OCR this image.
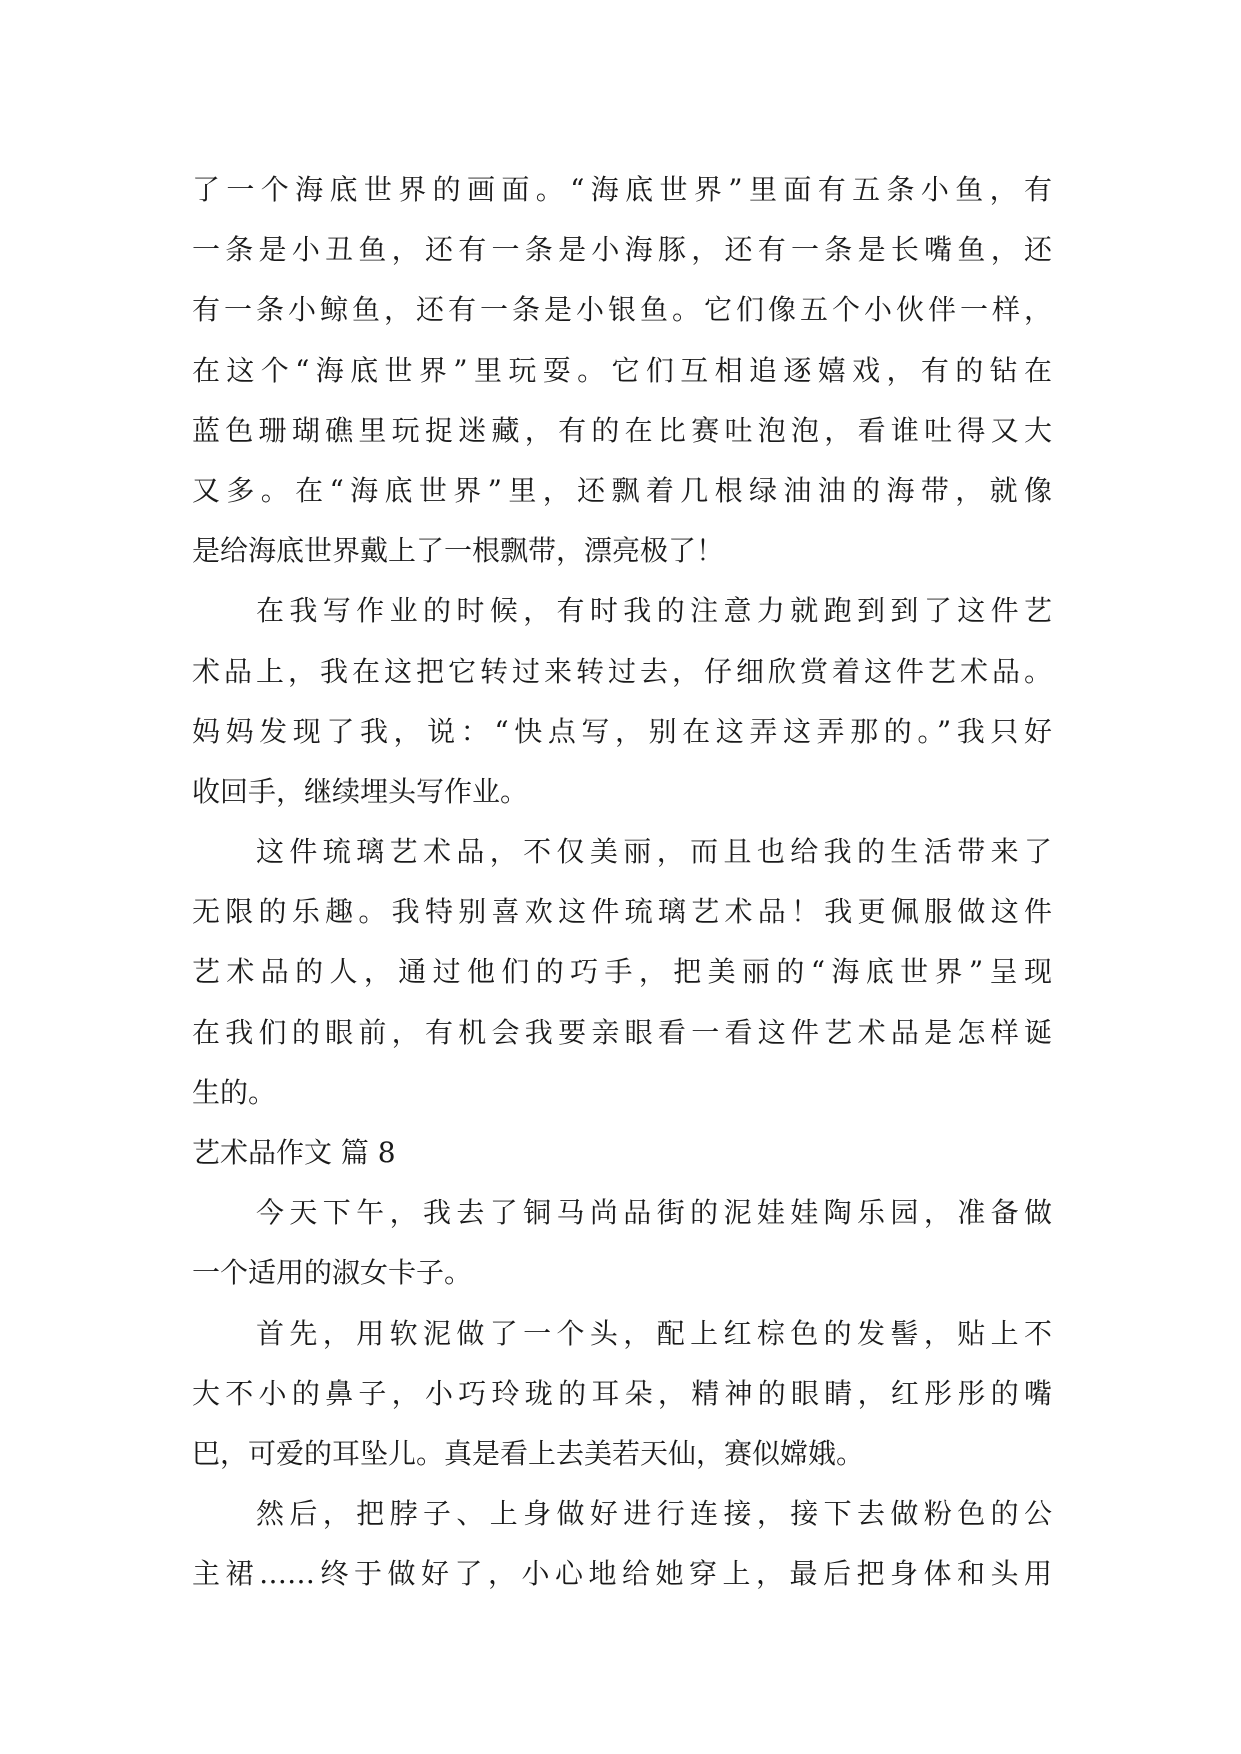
了一个海底世界的画面。“海底世界”里面有五条小鱼，有
一条是小丑鱼，还有一条是小海豚，还有一条是长嘴鱼，还
有一条小鲸鱼，还有一条是小银鱼。它们像五个小伙伴一样，
在这个“海底世界”里玩耍。它们互相追逐嬉戏，有的钻在
蓝色珊瑚礁里玩捉迷藏，有的在比赛吐泡泡，看谁吐得又大
又多。在“海底世界”里，还飘着几根绿油油的海带，就像
是给海底世界戴上了一根飘带，漂亮极了！
在我写作业的时候，有时我的注意力就跑到到了这件艺
术品上，我在这把它转过来转过去，仔细欣赏着这件艺术品。
妈妈发现了我，说：“快点写，别在这弄这弄那的。”我只好
收回手，继续埋头写作业。
这件琉璃艺术品，不仅美丽，而且也给我的生活带来了
无限的乐趣。我特别喜欢这件琉璃艺术品！我更佩服做这件
艺术品的人，通过他们的巧手，把美丽的“海底世界”呈现
在我们的眼前，有机会我要亲眼看一看这件艺术品是怎样诞
生的。
艺术品作文 篇 8
今天下午，我去了铜马尚品街的泥娃娃陶乐园，准备做
一个适用的淑女卡子。
首先，用软泥做了一个头，配上红棕色的发髻，贴上不
大不小的鼻子，小巧玲珑的耳朵，精神的眼睛，红彤彤的嘴
巴，可爱的耳坠儿。真是看上去美若天仙，赛似嫦娥。
然后，把脖子、上身做好进行连接，接下去做粉色的公
主裙……终于做好了，小心地给她穿上，最后把身体和头用
